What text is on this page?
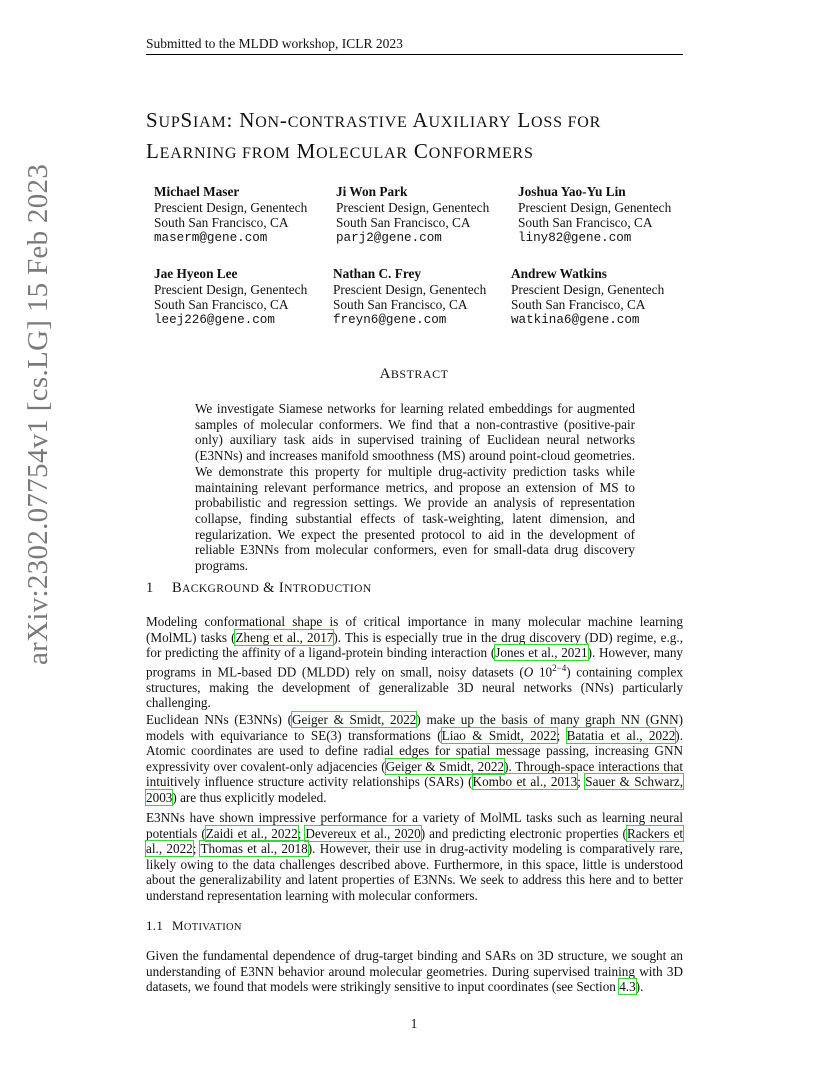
Submitted to the MLDD workshop, ICLR 2023
arXiv:2302.07754v1 [cs.LG] 15 Feb 2023
SUPSIAM: NON-CONTRASTIVE AUXILIARY LOSS FOR
LEARNING FROM MOLECULAR CONFORMERS
Michael Maser
Prescient Design, Genentech
South San Francisco, CA
maserm@gene.com
Ji Won Park
Prescient Design, Genentech
South San Francisco, CA
parj2@gene.com
Joshua Yao-Yu Lin
Prescient Design, Genentech
South San Francisco, CA
liny82@gene.com
Jae Hyeon Lee
Prescient Design, Genentech
South San Francisco, CA
leej226@gene.com
Nathan C. Frey
Prescient Design, Genentech
South San Francisco, CA
freyn6@gene.com
Andrew Watkins
Prescient Design, Genentech
South San Francisco, CA
watkina6@gene.com
ABSTRACT
We investigate Siamese networks for learning related embeddings for augmented samples of molecular conformers. We find that a non-contrastive (positive-pair only) auxiliary task aids in supervised training of Euclidean neural networks (E3NNs) and increases manifold smoothness (MS) around point-cloud geometries. We demonstrate this property for multiple drug-activity prediction tasks while maintaining relevant performance metrics, and propose an extension of MS to probabilistic and regression settings. We provide an analysis of representation collapse, finding substantial effects of task-weighting, latent dimension, and regularization. We expect the presented protocol to aid in the development of reliable E3NNs from molecular conformers, even for small-data drug discovery programs.
1 BACKGROUND & INTRODUCTION
Modeling conformational shape is of critical importance in many molecular machine learning (MolML) tasks (Zheng et al., 2017). This is especially true in the drug discovery (DD) regime, e.g., for predicting the affinity of a ligand-protein binding interaction (Jones et al., 2021). However, many programs in ML-based DD (MLDD) rely on small, noisy datasets (O $10^{2-4}$) containing complex structures, making the development of generalizable 3D neural networks (NNs) particularly challenging.
Euclidean NNs (E3NNs) (Geiger & Smidt, 2022) make up the basis of many graph NN (GNN) models with equivariance to SE(3) transformations (Liao & Smidt, 2022; Batatia et al., 2022). Atomic coordinates are used to define radial edges for spatial message passing, increasing GNN expressivity over covalent-only adjacencies (Geiger & Smidt, 2022). Through-space interactions that intuitively influence structure activity relationships (SARs) (Kombo et al., 2013; Sauer & Schwarz, 2003) are thus explicitly modeled.
E3NNs have shown impressive performance for a variety of MolML tasks such as learning neural potentials (Zaidi et al., 2022; Devereux et al., 2020) and predicting electronic properties (Rackers et al., 2022; Thomas et al., 2018). However, their use in drug-activity modeling is comparatively rare, likely owing to the data challenges described above. Furthermore, in this space, little is understood about the generalizability and latent properties of E3NNs. We seek to address this here and to better understand representation learning with molecular conformers.
1.1 MOTIVATION
Given the fundamental dependence of drug-target binding and SARs on 3D structure, we sought an understanding of E3NN behavior around molecular geometries. During supervised training with 3D datasets, we found that models were strikingly sensitive to input coordinates (see Section 4.3).
1
